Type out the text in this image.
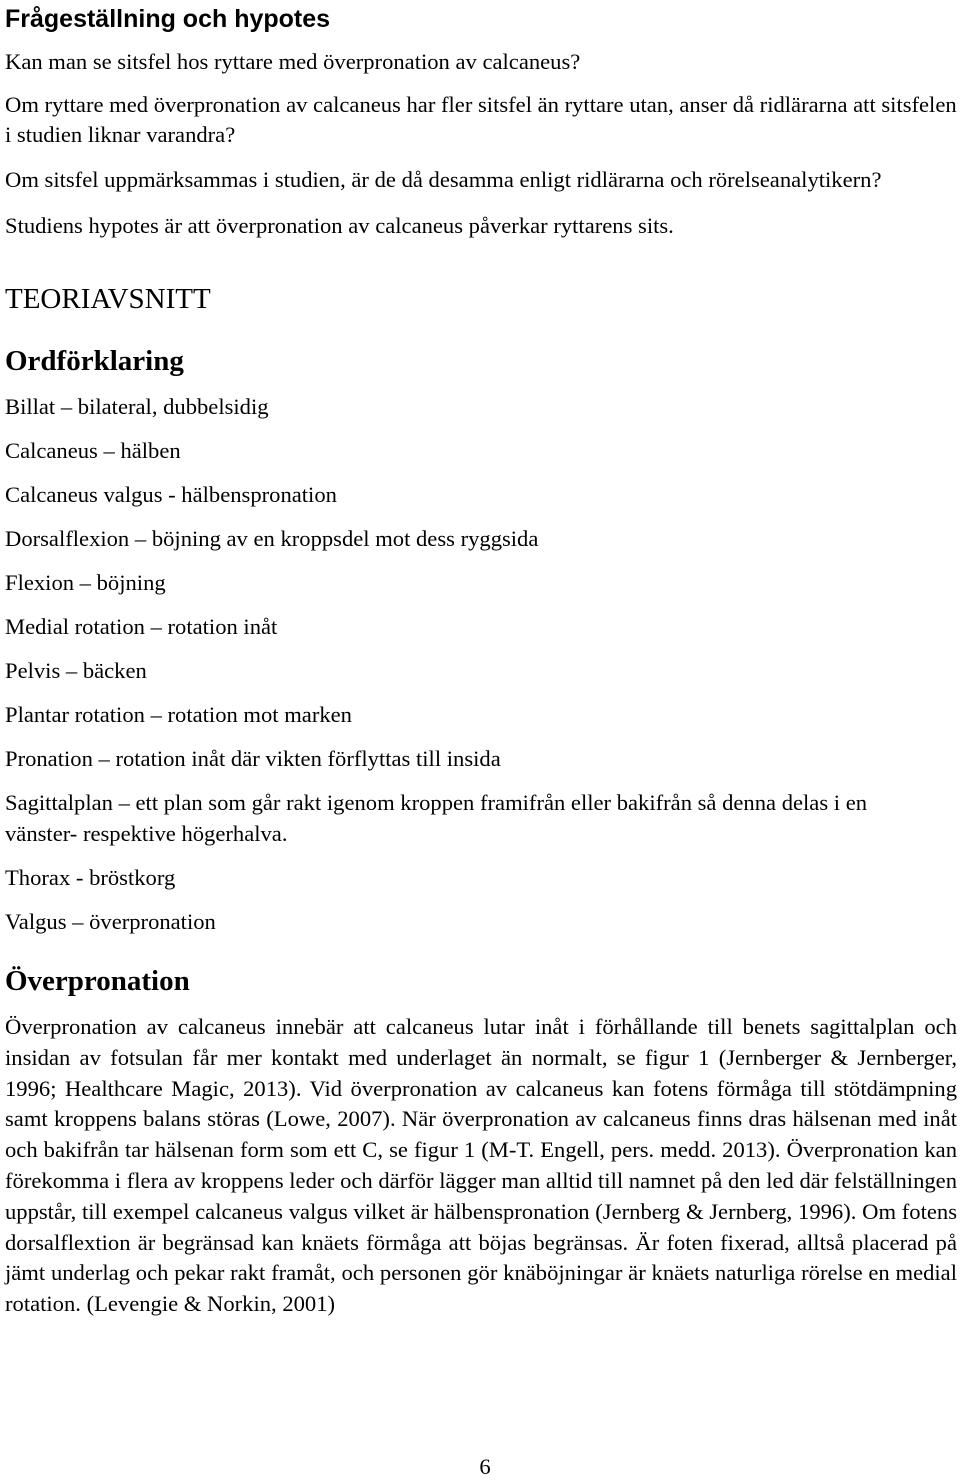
Frågeställning och hypotes

Kan man se sitsfel hos ryttare med överpronation av calcaneus?

Om ryttare med överpronation av calcaneus har fler sitsfel än ryttare utan, anser då ridlärarna att sitsfelen i studien liknar varandra?

Om sitsfel uppmärksammas i studien, är de då desamma enligt ridlärarna och rörelseanalytikern?

Studiens hypotes är att överpronation av calcaneus påverkar ryttarens sits.

TEORIAVSNITT
Ordförklaring

Billat – bilateral, dubbelsidig

Calcaneus – hälben

Calcaneus valgus - hälbenspronation

Dorsalflexion – böjning av en kroppsdel mot dess ryggsida

Flexion – böjning

Medial rotation – rotation inåt

Pelvis – bäcken

Plantar rotation – rotation mot marken

Pronation – rotation inåt där vikten förflyttas till insida

Sagittalplan – ett plan som går rakt igenom kroppen framifrån eller bakifrån så denna delas i en vänster- respektive högerhalva.

Thorax - bröstkorg

Valgus – överpronation

Överpronation

Överpronation av calcaneus innebär att calcaneus lutar inåt i förhållande till benets sagittalplan och insidan av fotsulan får mer kontakt med underlaget än normalt, se figur 1 (Jernberger & Jernberger, 1996; Healthcare Magic, 2013). Vid överpronation av calcaneus kan fotens förmåga till stötdämpning samt kroppens balans störas (Lowe, 2007). När överpronation av calcaneus finns dras hälsenan med inåt och bakifrån tar hälsenan form som ett C, se figur 1 (M-T. Engell, pers. medd. 2013). Överpronation kan förekomma i flera av kroppens leder och därför lägger man alltid till namnet på den led där felställningen uppstår, till exempel calcaneus valgus vilket är hälbenspronation (Jernberg & Jernberg, 1996). Om fotens dorsalflextion är begränsad kan knäets förmåga att böjas begränsas. Är foten fixerad, alltså placerad på jämt underlag och pekar rakt framåt, och personen gör knäböjningar är knäets naturliga rörelse en medial rotation. (Levengie & Norkin, 2001)

6
